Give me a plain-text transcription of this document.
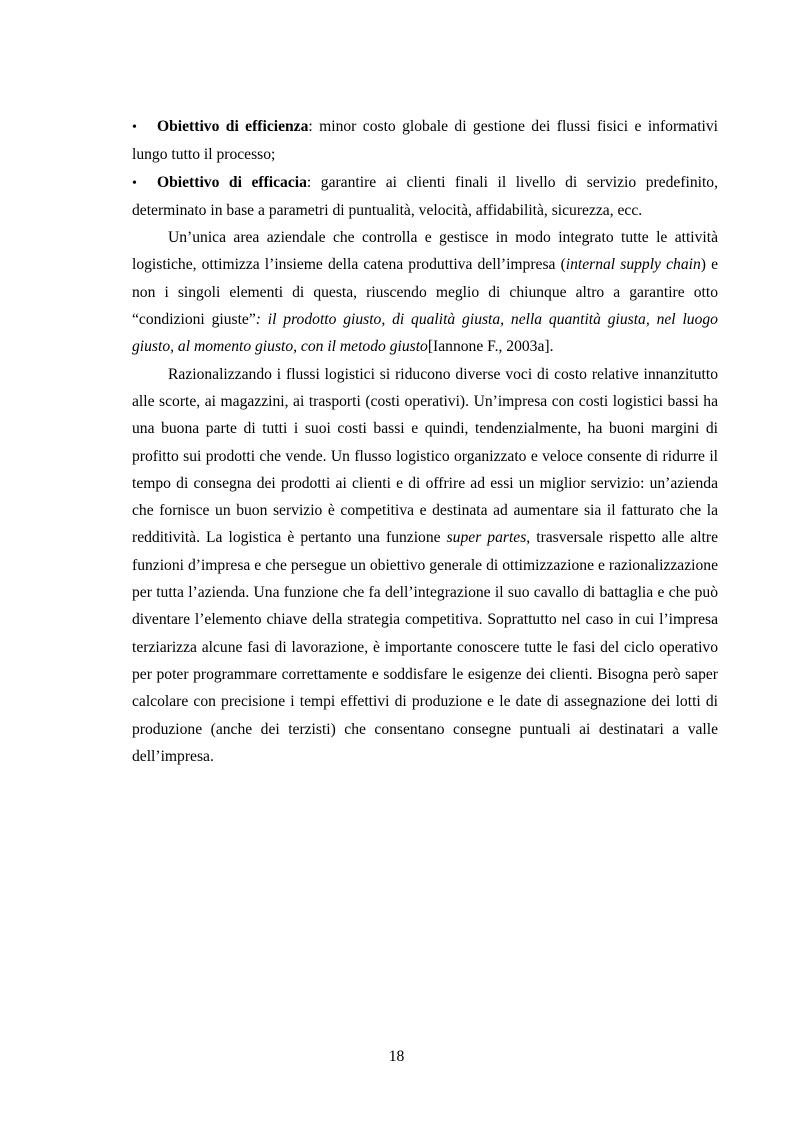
• Obiettivo di efficienza: minor costo globale di gestione dei flussi fisici e informativi lungo tutto il processo;

• Obiettivo di efficacia: garantire ai clienti finali il livello di servizio predefinito, determinato in base a parametri di puntualità, velocità, affidabilità, sicurezza, ecc.

Un’unica area aziendale che controlla e gestisce in modo integrato tutte le attività logistiche, ottimizza l’insieme della catena produttiva dell’impresa (internal supply chain) e non i singoli elementi di questa, riuscendo meglio di chiunque altro a garantire otto “condizioni giuste”: il prodotto giusto, di qualità giusta, nella quantità giusta, nel luogo giusto, al momento giusto, con il metodo giusto[Iannone F., 2003a].

Razionalizzando i flussi logistici si riducono diverse voci di costo relative innanzitutto alle scorte, ai magazzini, ai trasporti (costi operativi). Un’impresa con costi logistici bassi ha una buona parte di tutti i suoi costi bassi e quindi, tendenzialmente, ha buoni margini di profitto sui prodotti che vende. Un flusso logistico organizzato e veloce consente di ridurre il tempo di consegna dei prodotti ai clienti e di offrire ad essi un miglior servizio: un’azienda che fornisce un buon servizio è competitiva e destinata ad aumentare sia il fatturato che la redditività. La logistica è pertanto una funzione super partes, trasversale rispetto alle altre funzioni d’impresa e che persegue un obiettivo generale di ottimizzazione e razionalizzazione per tutta l’azienda. Una funzione che fa dell’integrazione il suo cavallo di battaglia e che può diventare l’elemento chiave della strategia competitiva. Soprattutto nel caso in cui l’impresa terziarizza alcune fasi di lavorazione, è importante conoscere tutte le fasi del ciclo operativo per poter programmare correttamente e soddisfare le esigenze dei clienti. Bisogna però saper calcolare con precisione i tempi effettivi di produzione e le date di assegnazione dei lotti di produzione (anche dei terzisti) che consentano consegne puntuali ai destinatari a valle dell’impresa.

18
